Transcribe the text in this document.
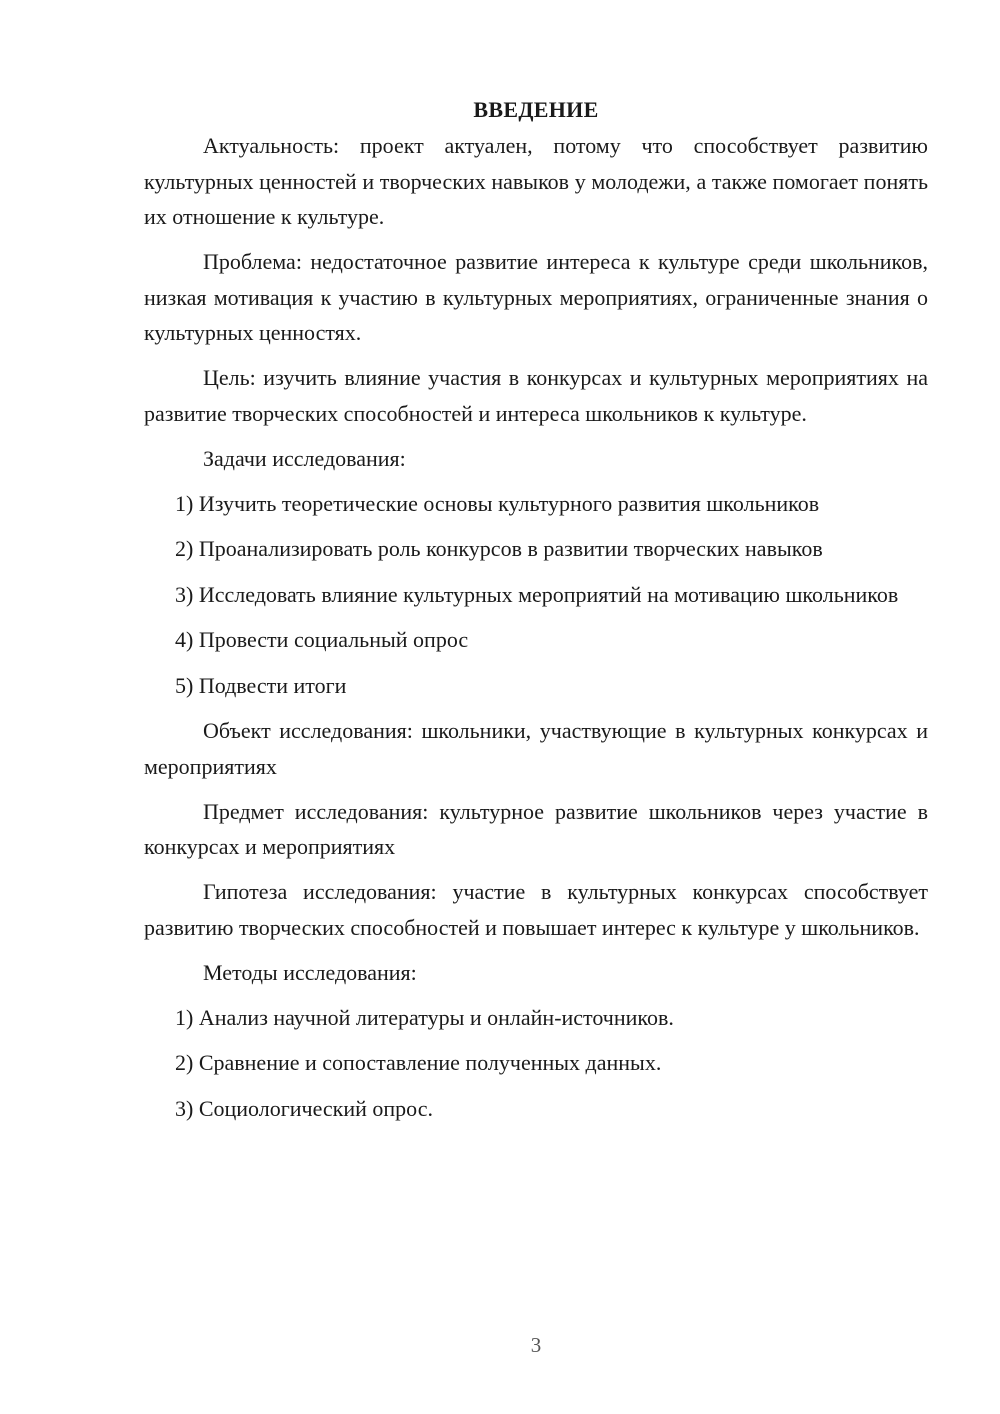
ВВЕДЕНИЕ

Актуальность: проект актуален, потому что способствует развитию культурных ценностей и творческих навыков у молодежи, а также помогает понять их отношение к культуре.

Проблема: недостаточное развитие интереса к культуре среди школьников, низкая мотивация к участию в культурных мероприятиях, ограниченные знания о культурных ценностях.

Цель: изучить влияние участия в конкурсах и культурных мероприятиях на развитие творческих способностей и интереса школьников к культуре.

Задачи исследования:

1) Изучить теоретические основы культурного развития школьников

2) Проанализировать роль конкурсов в развитии творческих навыков

3) Исследовать влияние культурных мероприятий на мотивацию школьников

4) Провести социальный опрос

5) Подвести итоги

Объект исследования: школьники, участвующие в культурных конкурсах и мероприятиях

Предмет исследования: культурное развитие школьников через участие в конкурсах и мероприятиях

Гипотеза исследования: участие в культурных конкурсах способствует развитию творческих способностей и повышает интерес к культуре у школьников.

Методы исследования:

1) Анализ научной литературы и онлайн-источников.

2) Сравнение и сопоставление полученных данных.

3) Социологический опрос.

3
